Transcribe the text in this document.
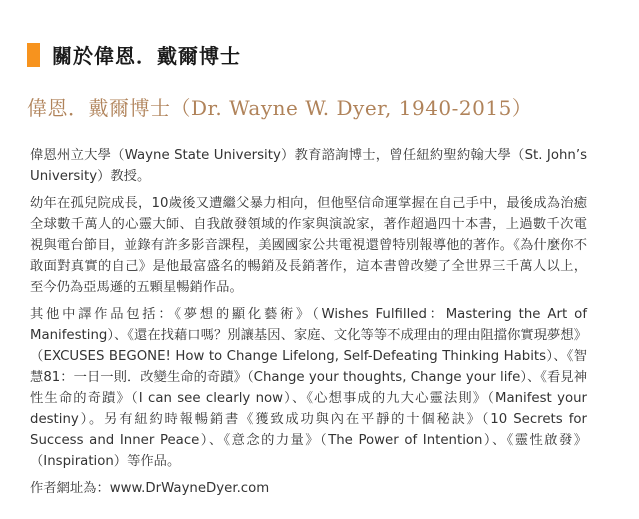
關於偉恩．戴爾博士
偉恩．戴爾博士（Dr. Wayne W. Dyer, 1940-2015）

偉恩州立大學（Wayne State University）教育諮詢博士，曾任紐約聖約翰大學（St. John’s University）教授。

幼年在孤兒院成長，10歲後又遭繼父暴力相向，但他堅信命運掌握在自己手中，最後成為治癒全球數千萬人的心靈大師、自我啟發領域的作家與演說家，著作超過四十本書，上過數千次電視與電台節目，並錄有許多影音課程，美國國家公共電視還曾特別報導他的著作。《為什麼你不敢面對真實的自己》是他最富盛名的暢銷及長銷著作，這本書曾改變了全世界三千萬人以上，至今仍為亞馬遜的五顆星暢銷作品。

其他中譯作品包括：《夢想的顯化藝術》（Wishes Fulfilled：Mastering the Art of Manifesting）、《還在找藉口嗎？別讓基因、家庭、文化等等不成理由的理由阻擋你實現夢想》（EXCUSES BEGONE! How to Change Lifelong, Self-Defeating Thinking Habits）、《智慧81：一日一則．改變生命的奇蹟》（Change your thoughts, Change your life）、《看見神性生命的奇蹟》（I can see clearly now）、《心想事成的九大心靈法則》（Manifest your destiny）。另有紐約時報暢銷書《獲致成功與內在平靜的十個秘訣》（10 Secrets for Success and Inner Peace）、《意念的力量》（The Power of Intention）、《靈性啟發》（Inspiration）等作品。

作者網址為：www.DrWayneDyer.com
